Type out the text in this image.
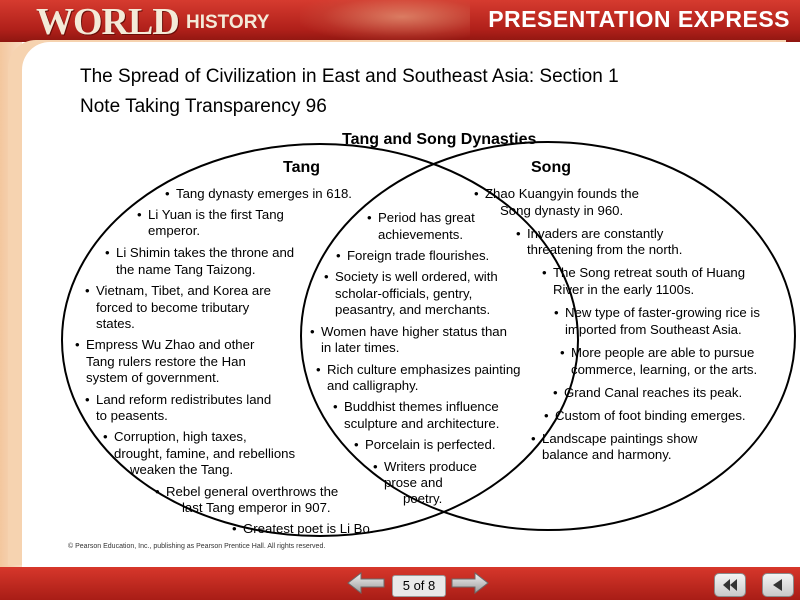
WORLD HISTORY	PRESENTATION EXPRESS
The Spread of Civilization in East and Southeast Asia: Section 1
Note Taking Transparency 96
Tang and Song Dynasties
Tang	Song
• Tang dynasty emerges in 618.
• Li Yuan is the first Tang
emperor.
• Li Shimin takes the throne and
the name Tang Taizong.
• Vietnam, Tibet, and Korea are
forced to become tributary
states.
• Empress Wu Zhao and other
Tang rulers restore the Han
system of government.
• Land reform redistributes land
to peasents.
• Corruption, high taxes,
drought, famine, and rebellions
weaken the Tang.
• Rebel general overthrows the
last Tang emperor in 907.
• Greatest poet is Li Bo.
• Period has great
achievements.
• Foreign trade flourishes.
• Society is well ordered, with
scholar-officials, gentry,
peasantry, and merchants.
• Women have higher status than
in later times.
• Rich culture emphasizes painting
and calligraphy.
• Buddhist themes influence
sculpture and architecture.
• Porcelain is perfected.
• Writers produce
prose and
poetry.
• Zhao Kuangyin founds the
Song dynasty in 960.
• Invaders are constantly
threatening from the north.
• The Song retreat south of Huang
River in the early 1100s.
• New type of faster-growing rice is
imported from Southeast Asia.
• More people are able to pursue
commerce, learning, or the arts.
• Grand Canal reaches its peak.
• Custom of foot binding emerges.
• Landscape paintings show
balance and harmony.
© Pearson Education, Inc., publishing as Pearson Prentice Hall. All rights reserved.
5 of 8
